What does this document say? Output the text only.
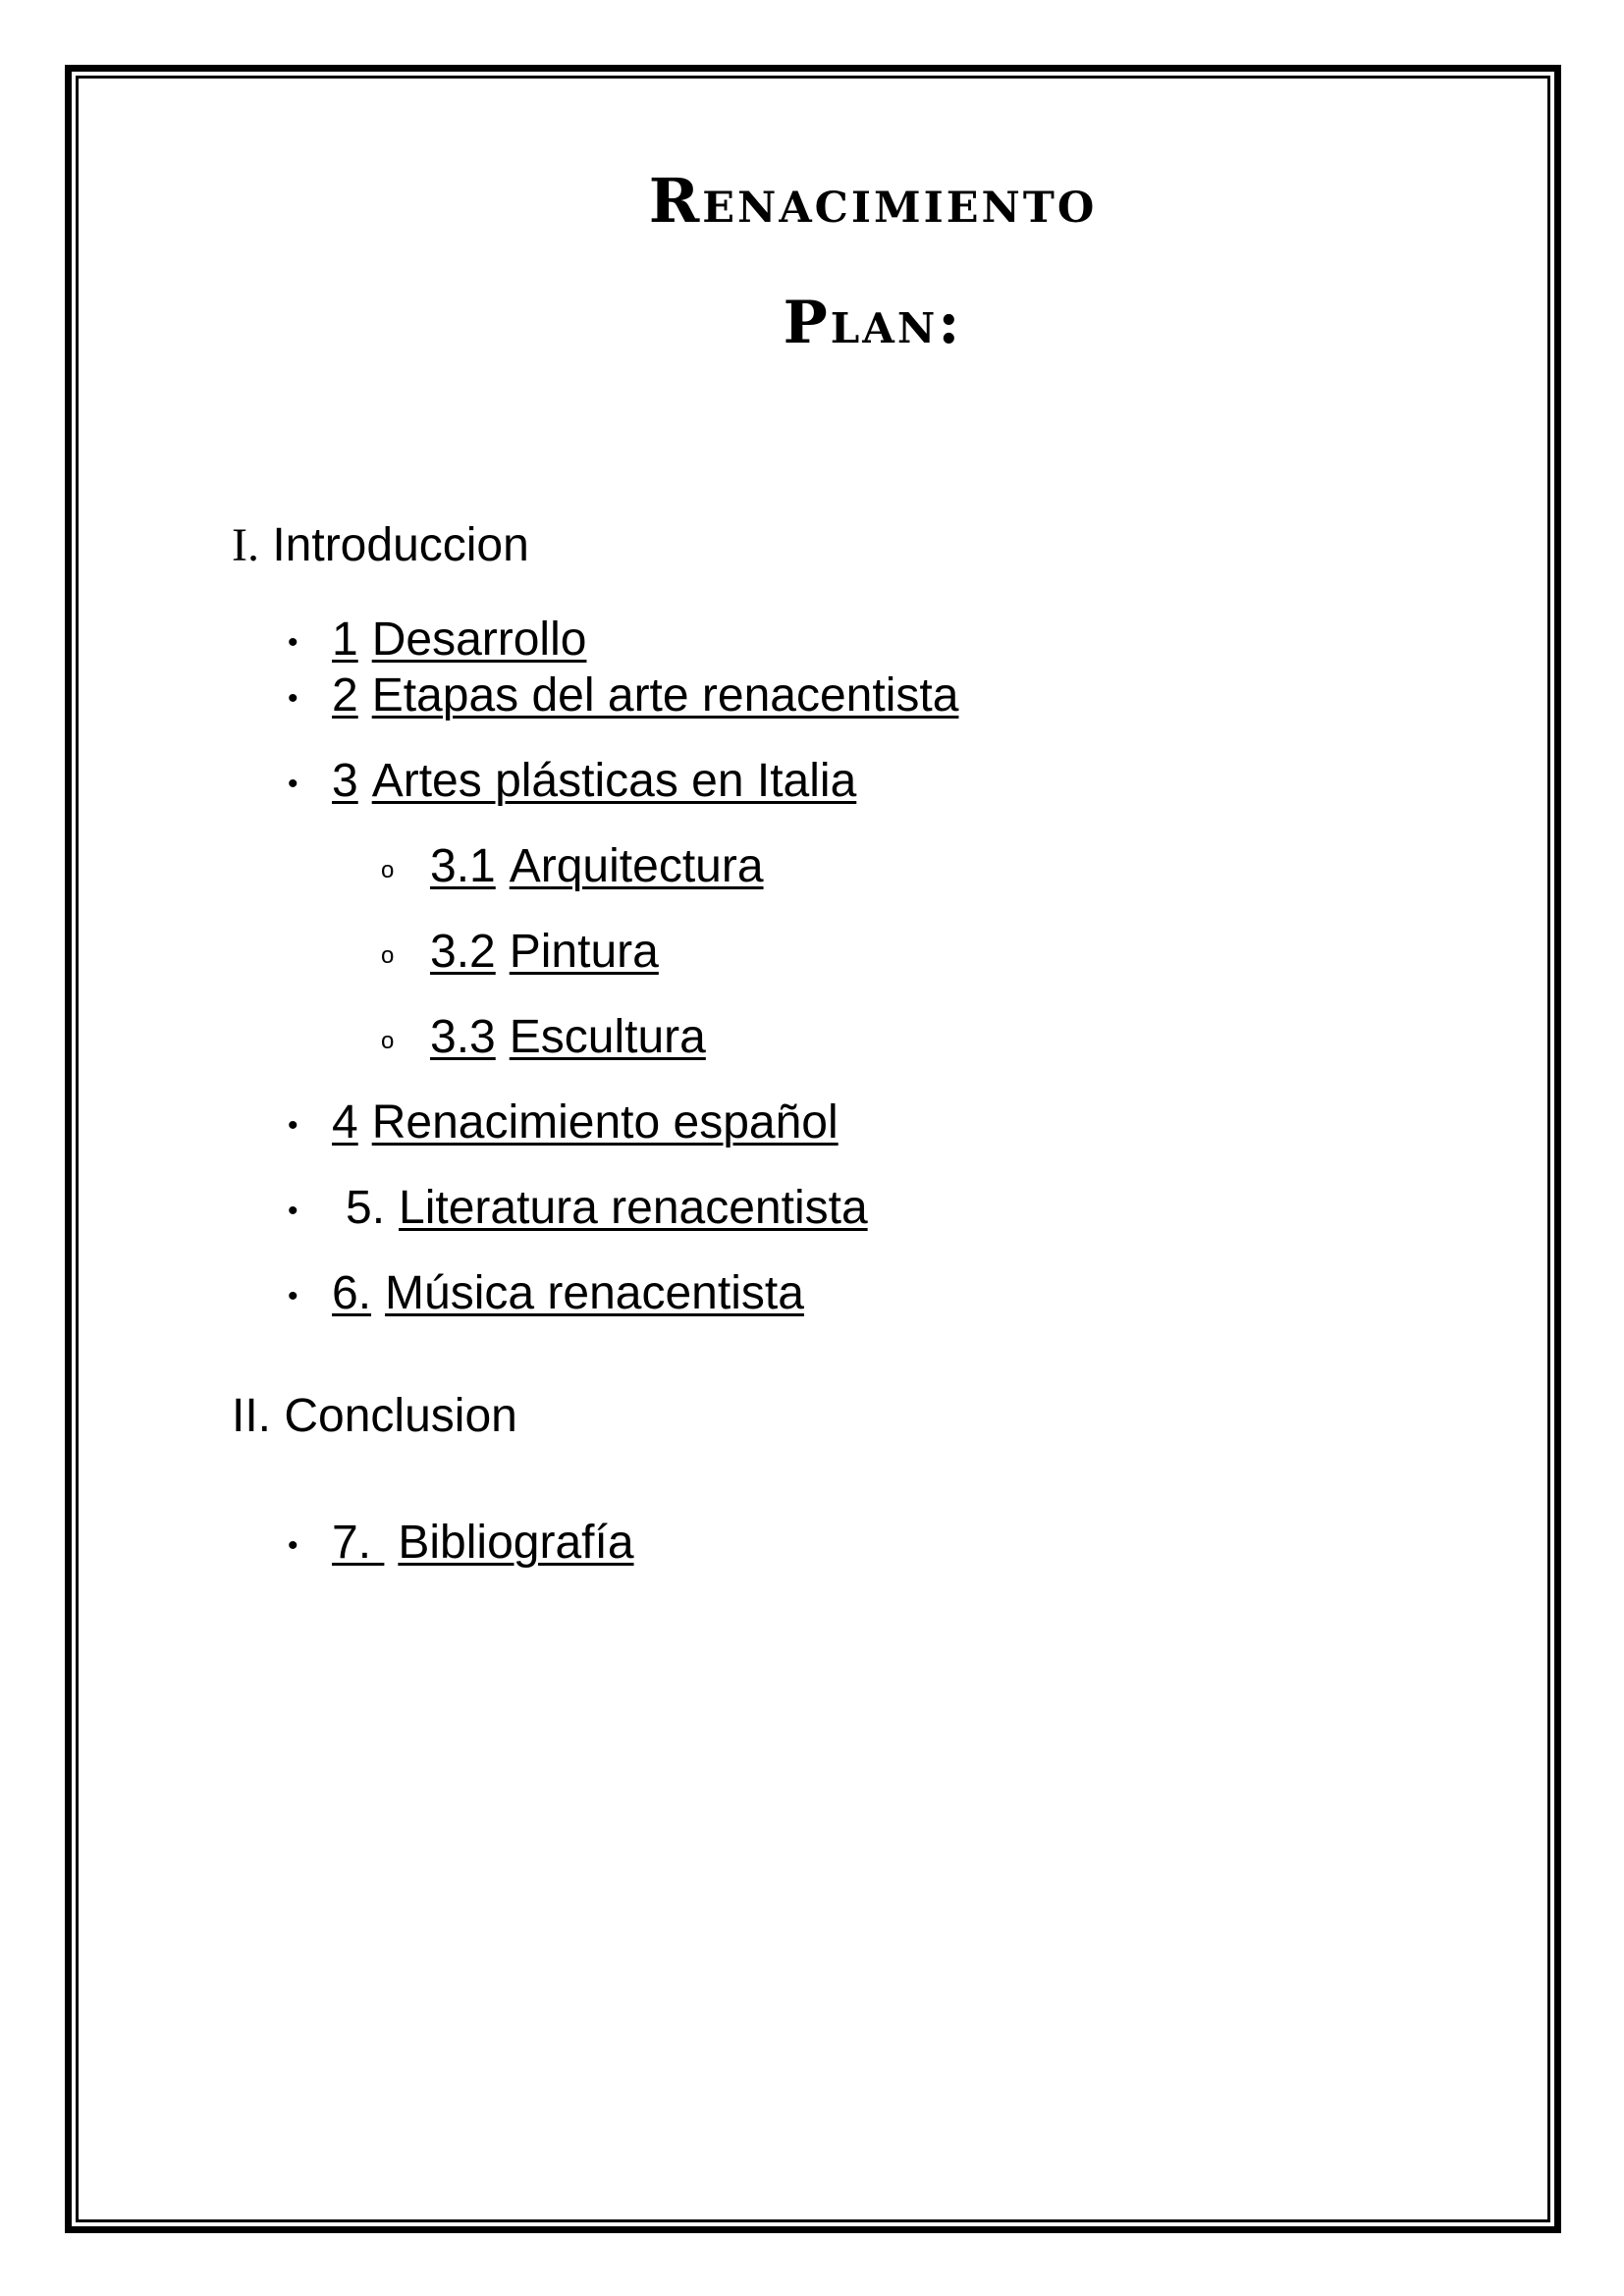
Renacimiento
Plan:

I. Introduccion

• 1 Desarrollo
• 2 Etapas del arte renacentista
• 3 Artes plásticas en Italia
o 3.1 Arquitectura
o 3.2 Pintura
o 3.3 Escultura
• 4 Renacimiento español
• 5. Literatura renacentista
• 6. Música renacentista

II. Conclusion

• 7. Bibliografía
